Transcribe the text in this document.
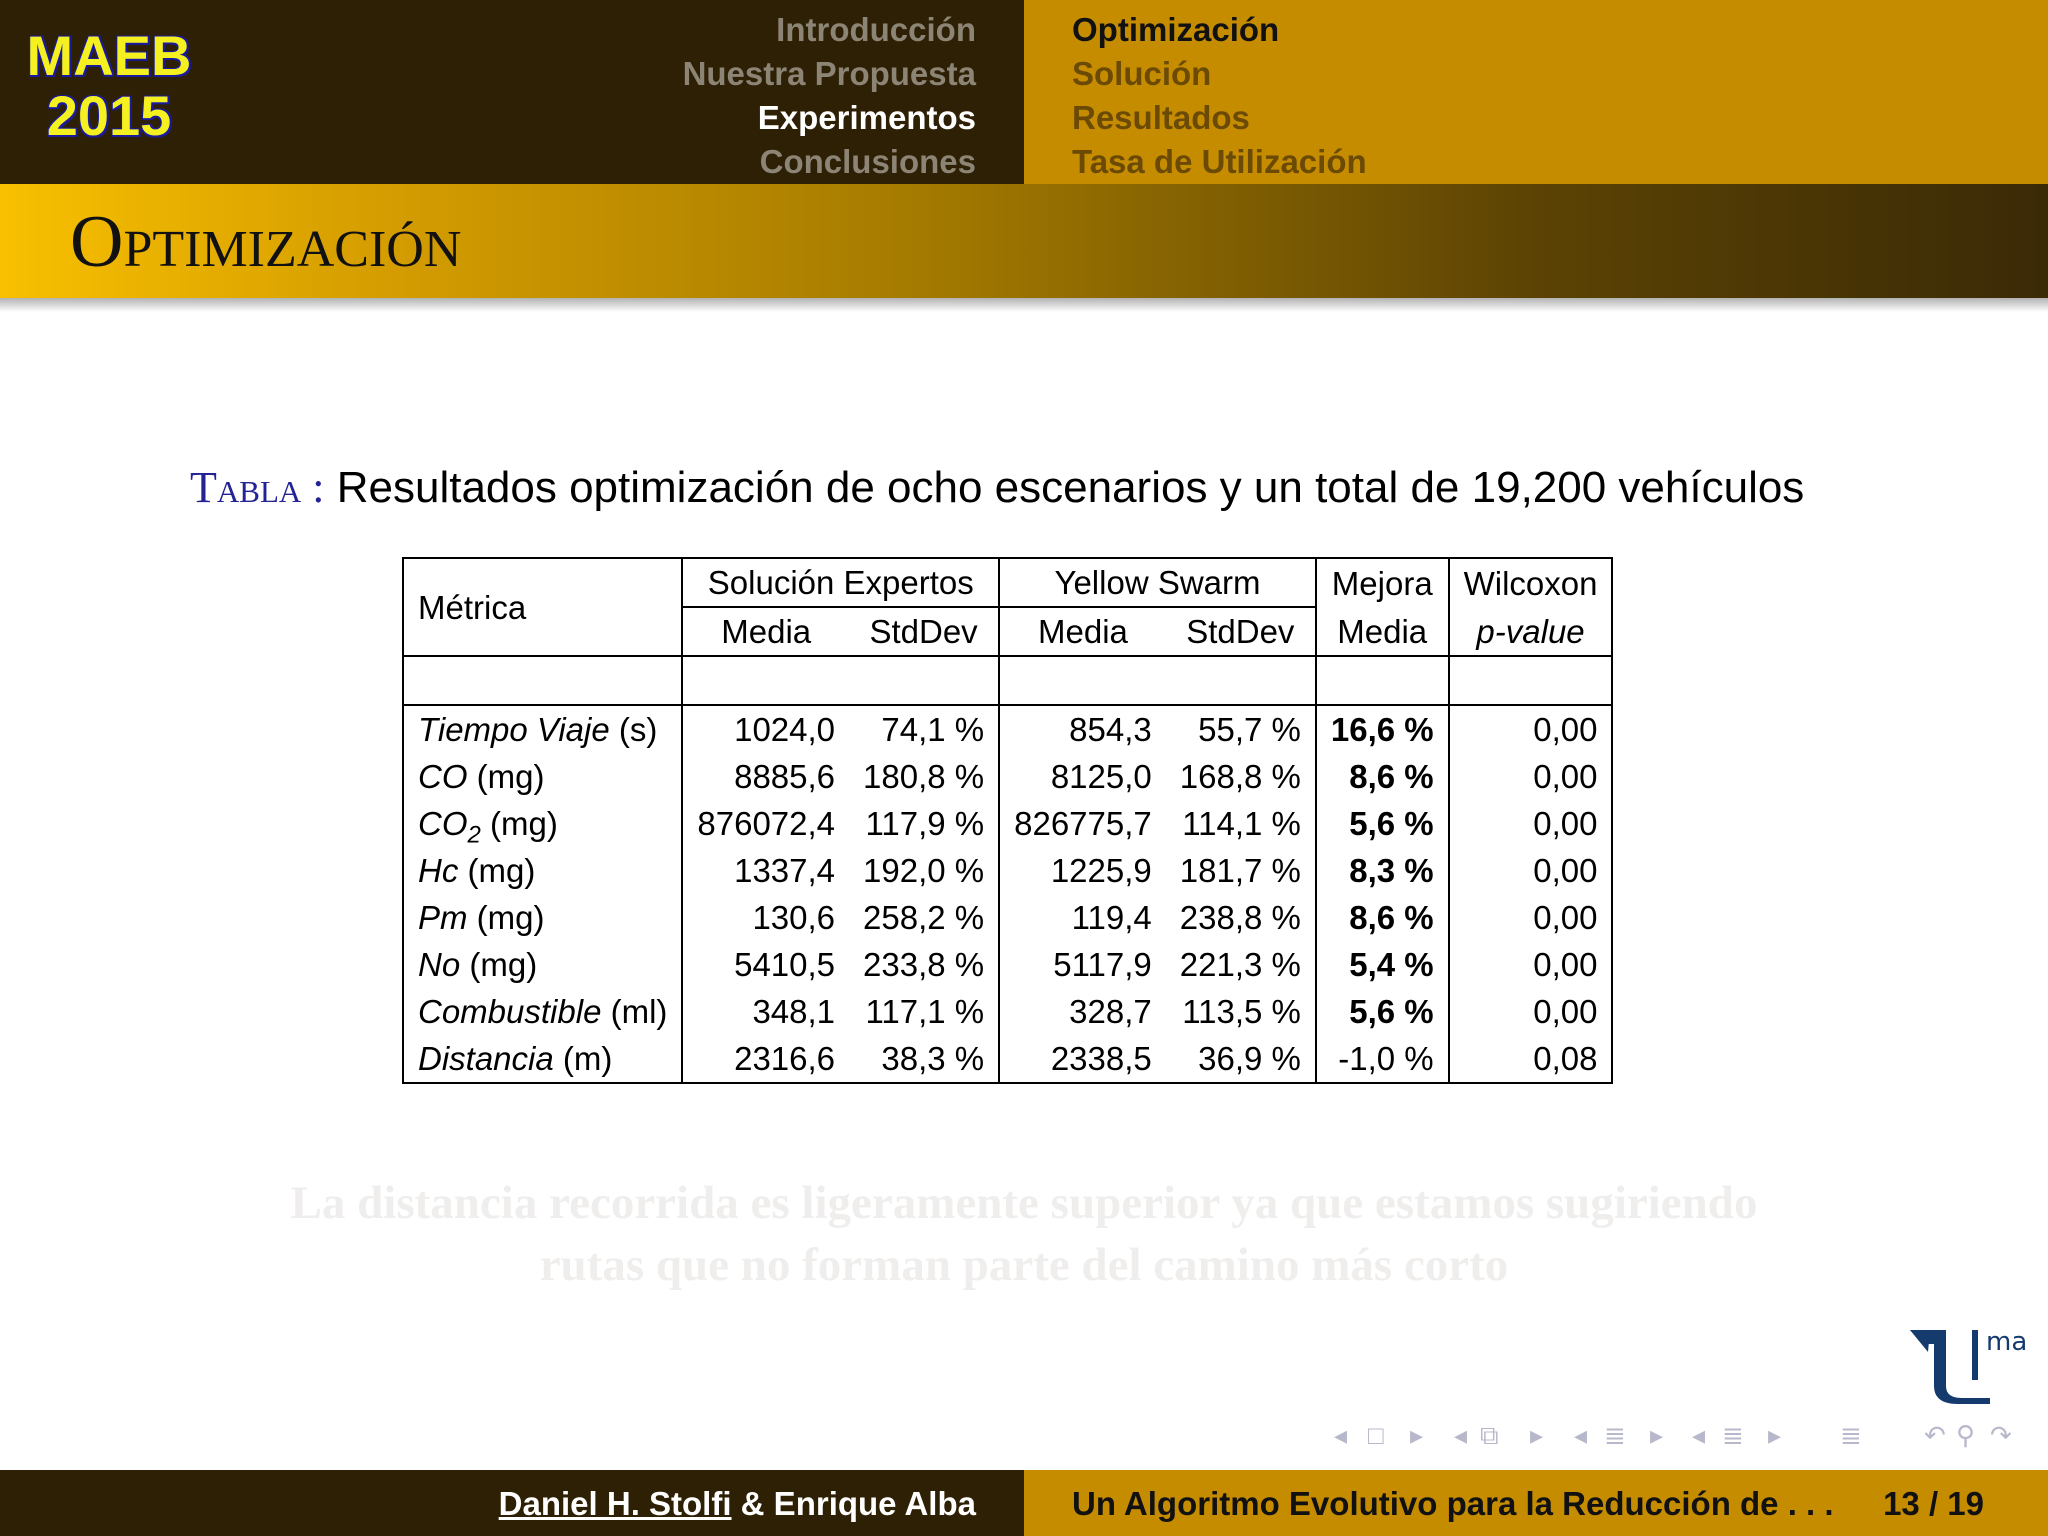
MAEB
2015
Introducción
Nuestra Propuesta
Experimentos
Conclusiones
Optimización
Solución
Resultados
Tasa de Utilización
Optimización
Tabla : Resultados optimización de ocho escenarios y un total de 19,200 vehículos
Métrica	Solución Expertos		Yellow Swarm		Mejora	Wilcoxon
	Media	StdDev	Media	StdDev	Media	p-value

Tiempo Viaje (s)	1024,0	74,1 %	854,3	55,7 %	16,6 %	0,00
CO (mg)	8885,6	180,8 %	8125,0	168,8 %	8,6 %	0,00
$CO_2$ (mg)	876072,4	117,9 %	826775,7	114,1 %	5,6 %	0,00
Hc (mg)	1337,4	192,0 %	1225,9	181,7 %	8,3 %	0,00
Pm (mg)	130,6	258,2 %	119,4	238,8 %	8,6 %	0,00
No (mg)	5410,5	233,8 %	5117,9	221,3 %	5,4 %	0,00
Combustible (ml)	348,1	117,1 %	328,7	113,5 %	5,6 %	0,00
Distancia (m)	2316,6	38,3 %	2338,5	36,9 %	-1,0 %	0,08
La distancia recorrida es ligeramente superior ya que estamos sugiriendo
rutas que no forman parte del camino más corto
ma
◂ □ ▸ ◂ ⧉ ▸ ◂ ≣ ▸ ◂ ≣ ▸ ≣ ↶ ⚲ ↷
Daniel H. Stolfi & Enrique Alba	Un Algoritmo Evolutivo para la Reducción de . . . 13 / 19
